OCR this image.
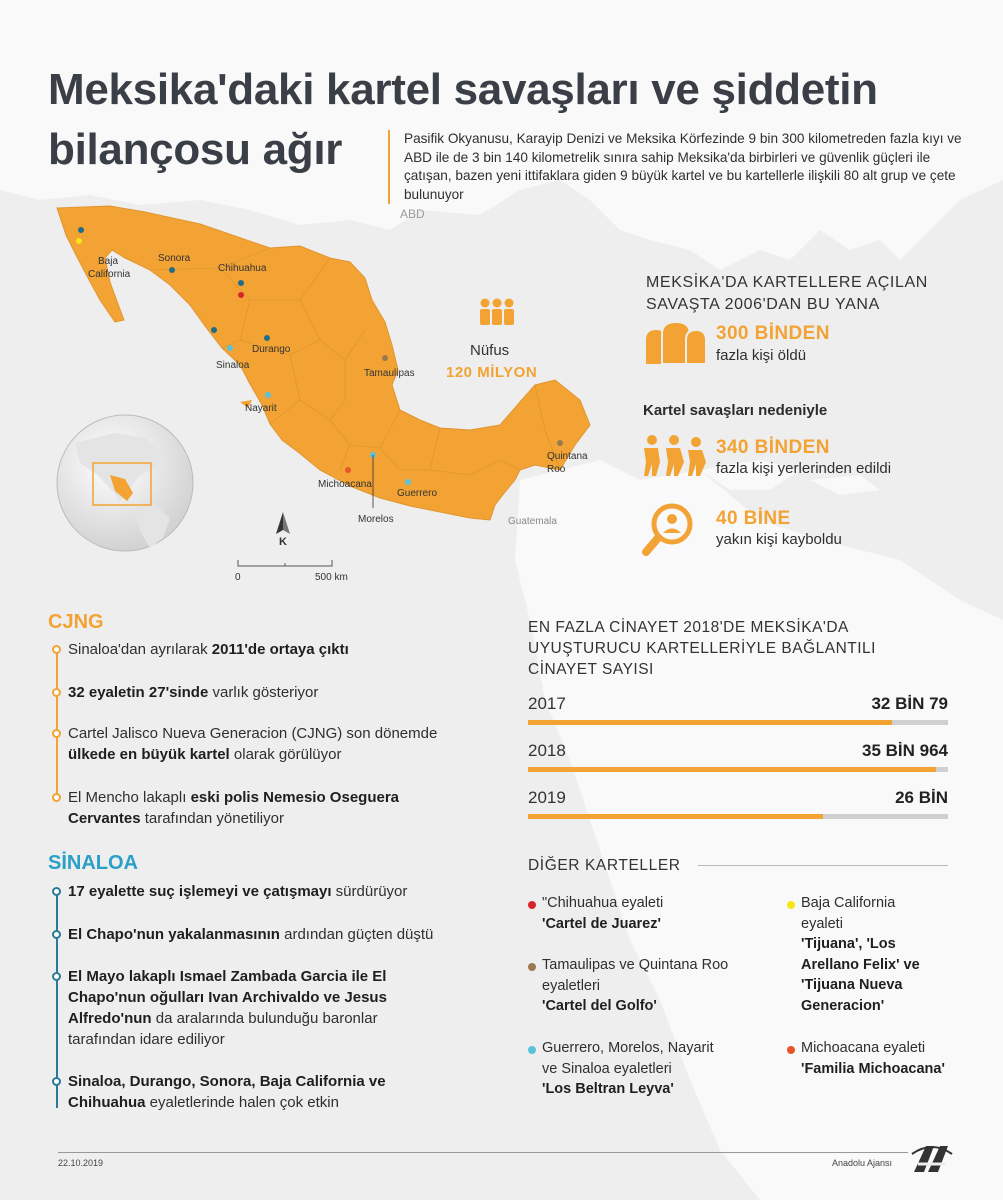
Meksika'daki kartel savaşları ve şiddetin
bilançosu ağır	Pasifik Okyanusu, Karayip Denizi ve Meksika Körfezinde 9 bin 300 kilometreden fazla kıyı ve ABD ile de 3 bin 140 kilometrelik sınıra sahip Meksika'da birbirleri ve güvenlik güçleri ile çatışan, bazen yeni ittifaklara giden 9 büyük kartel ve bu kartellerle ilişkili 80 alt grup ve çete bulunuyor
ABD
Baja California
Sonora
Chihuahua
Durango
Sinaloa
Nayarit
Tamaulipas
Michoacana
Guerrero
Morelos
Quintana Roo
Guatemala
K
0	500 km
Nüfus
120 MİLYON
MEKSİKA'DA KARTELLERE AÇILAN SAVAŞTA 2006'DAN BU YANA
300 BİNDEN
fazla kişi öldü
Kartel savaşları nedeniyle
340 BİNDEN
fazla kişi yerlerinden edildi
40 BİNE
yakın kişi kayboldu
CJNG
Sinaloa'dan ayrılarak 2011'de ortaya çıktı
32 eyaletin 27'sinde varlık gösteriyor
Cartel Jalisco Nueva Generacion (CJNG) son dönemde ülkede en büyük kartel olarak görülüyor
El Mencho lakaplı eski polis Nemesio Oseguera Cervantes tarafından yönetiliyor
SİNALOA
17 eyalette suç işlemeyi ve çatışmayı sürdürüyor
El Chapo'nun yakalanmasının ardından güçten düştü
El Mayo lakaplı Ismael Zambada Garcia ile El Chapo'nun oğulları Ivan Archivaldo ve Jesus Alfredo'nun da aralarında bulunduğu baronlar tarafından idare ediliyor
Sinaloa, Durango, Sonora, Baja California ve Chihuahua eyaletlerinde halen çok etkin
EN FAZLA CİNAYET 2018'DE MEKSİKA'DA UYUŞTURUCU KARTELLERİYLE BAĞLANTILI CİNAYET SAYISI
2017	32 BİN 79
2018	35 BİN 964
2019	26 BİN
DİĞER KARTELLER
"Chihuahua eyaleti
'Cartel de Juarez'
Tamaulipas ve Quintana Roo eyaletleri
'Cartel del Golfo'
Guerrero, Morelos, Nayarit ve Sinaloa eyaletleri
'Los Beltran Leyva'
Baja California eyaleti
'Tijuana', 'Los Arellano Felix' ve 'Tijuana Nueva Generacion'
Michoacana eyaleti
'Familia Michoacana'
22.10.2019	Anadolu Ajansı
